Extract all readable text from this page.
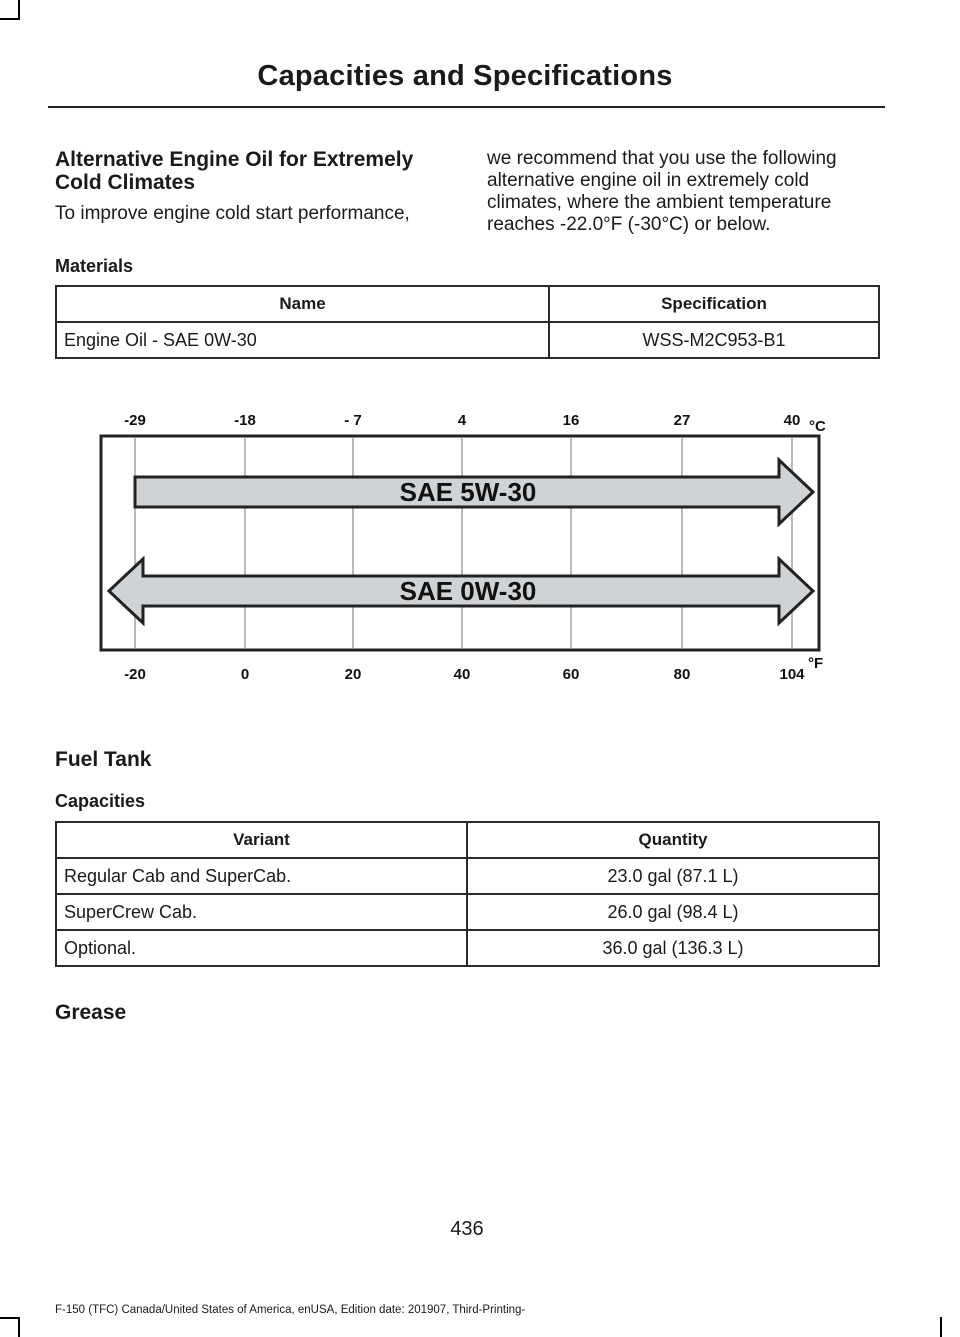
Capacities and Specifications
Alternative Engine Oil for Extremely Cold Climates
To improve engine cold start performance,
we recommend that you use the following alternative engine oil in extremely cold climates, where the ambient temperature reaches -22.0°F (-30°C) or below.
Materials
Name	Specification
Engine Oil - SAE 0W-30	WSS-M2C953-B1
SAE 5W-30
SAE 0W-30
-29	-18	- 7	4	16	27	40
-20	0	20	40	60	80	104
°C
°F
Fuel Tank
Capacities
Variant	Quantity
Regular Cab and SuperCab.	23.0 gal (87.1 L)
SuperCrew Cab.	26.0 gal (98.4 L)
Optional.	36.0 gal (136.3 L)
Grease
436
F-150 (TFC) Canada/United States of America, enUSA, Edition date: 201907, Third-Printing-
